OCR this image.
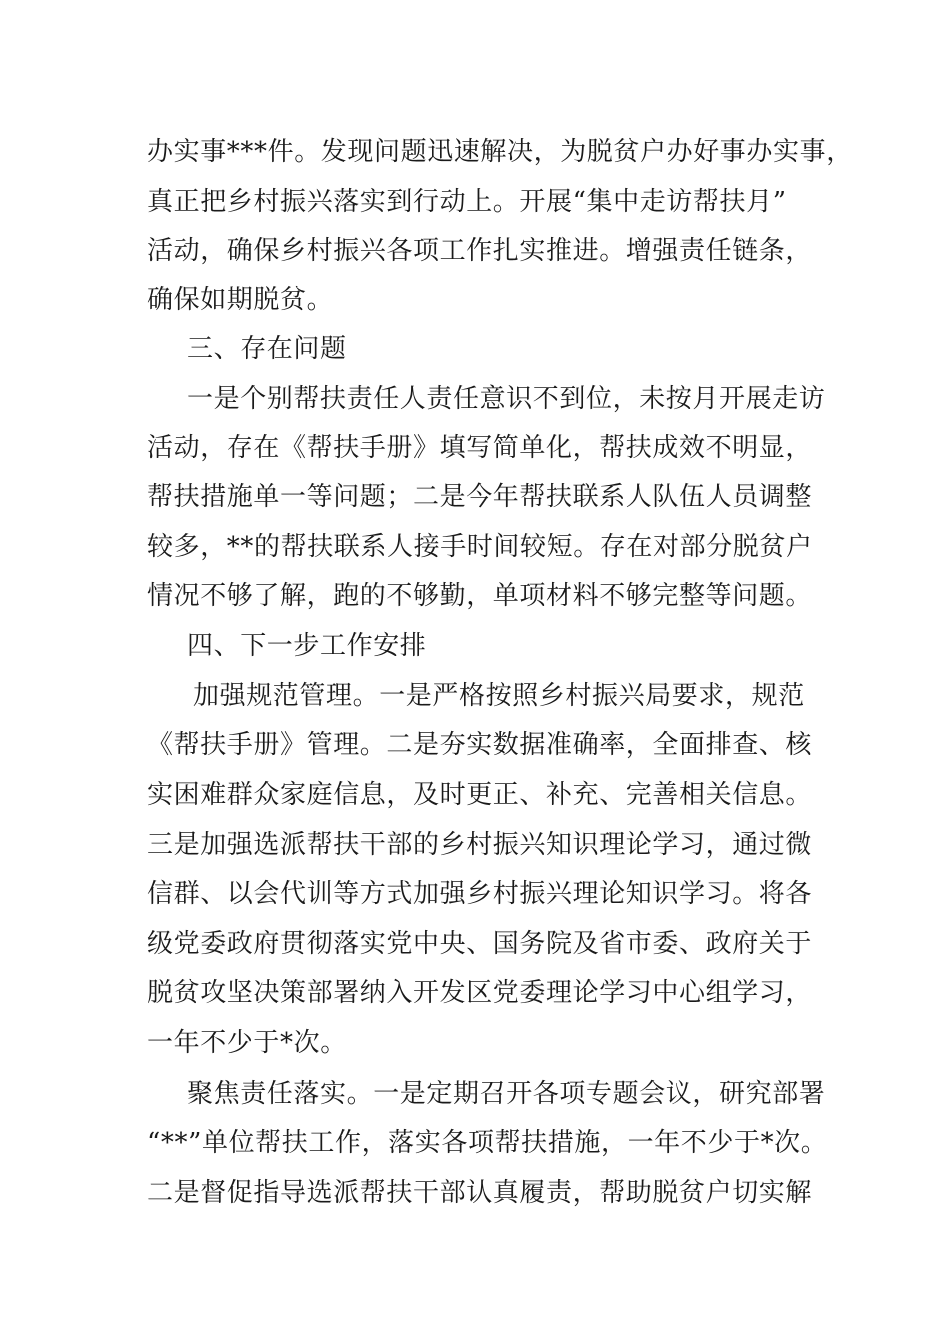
办实事***件。发现问题迅速解决，为脱贫户办好事办实事，
真正把乡村振兴落实到行动上。开展“集中走访帮扶月”
活动，确保乡村振兴各项工作扎实推进。增强责任链条，
确保如期脱贫。
三、存在问题
一是个别帮扶责任人责任意识不到位，未按月开展走访
活动，存在《帮扶手册》填写简单化，帮扶成效不明显，
帮扶措施单一等问题；二是今年帮扶联系人队伍人员调整
较多，**的帮扶联系人接手时间较短。存在对部分脱贫户
情况不够了解，跑的不够勤，单项材料不够完整等问题。
四、下一步工作安排
加强规范管理。一是严格按照乡村振兴局要求，规范
《帮扶手册》管理。二是夯实数据准确率，全面排查、核
实困难群众家庭信息，及时更正、补充、完善相关信息。
三是加强选派帮扶干部的乡村振兴知识理论学习，通过微
信群、以会代训等方式加强乡村振兴理论知识学习。将各
级党委政府贯彻落实党中央、国务院及省市委、政府关于
脱贫攻坚决策部署纳入开发区党委理论学习中心组学习，
一年不少于*次。
聚焦责任落实。一是定期召开各项专题会议，研究部署
“**”单位帮扶工作，落实各项帮扶措施，一年不少于*次。
二是督促指导选派帮扶干部认真履责，帮助脱贫户切实解
